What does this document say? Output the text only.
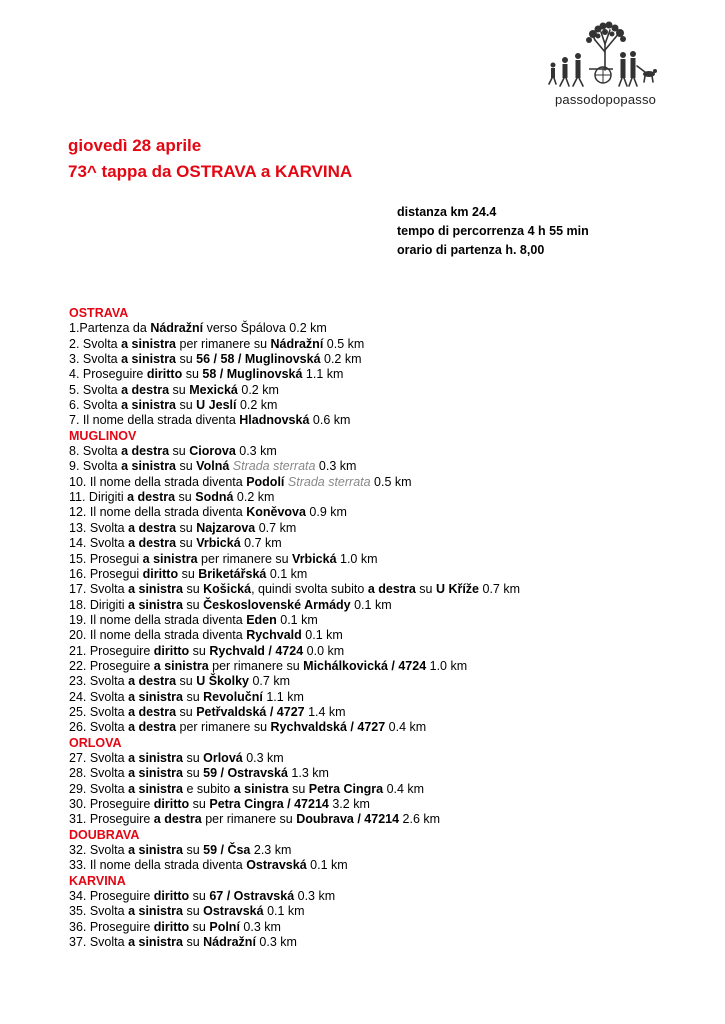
passodopopasso
giovedì 28 aprile
73^ tappa da OSTRAVA a KARVINA
distanza km 24.4
tempo di percorrenza 4 h 55 min
orario di partenza h. 8,00
OSTRAVA
1.Partenza da Nádražní verso Špálova 0.2 km
2. Svolta a sinistra per rimanere su Nádražní 0.5 km
3. Svolta a sinistra su 56 / 58 / Muglinovská 0.2 km
4. Proseguire diritto su 58 / Muglinovská 1.1 km
5. Svolta a destra su Mexická 0.2 km
6. Svolta a sinistra su U Jeslí 0.2 km
7. Il nome della strada diventa Hladnovská 0.6 km
MUGLINOV
8. Svolta a destra su Ciorova 0.3 km
9. Svolta a sinistra su Volná Strada sterrata 0.3 km
10. Il nome della strada diventa Podolí Strada sterrata 0.5 km
11. Dirigiti a destra su Sodná 0.2 km
12. Il nome della strada diventa Koněvova 0.9 km
13. Svolta a destra su Najzarova 0.7 km
14. Svolta a destra su Vrbická 0.7 km
15. Prosegui a sinistra per rimanere su Vrbická 1.0 km
16. Prosegui diritto su Briketářská 0.1 km
17. Svolta a sinistra su Košická, quindi svolta subito a destra su U Kříže 0.7 km
18. Dirigiti a sinistra su Československé Armády 0.1 km
19. Il nome della strada diventa Eden 0.1 km
20. Il nome della strada diventa Rychvald 0.1 km
21. Proseguire diritto su Rychvald / 4724 0.0 km
22. Proseguire a sinistra per rimanere su Michálkovická / 4724 1.0 km
23. Svolta a destra su U Školky 0.7 km
24. Svolta a sinistra su Revoluční 1.1 km
25. Svolta a destra su Petřvaldská / 4727 1.4 km
26. Svolta a destra per rimanere su Rychvaldská / 4727 0.4 km
ORLOVA
27. Svolta a sinistra su Orlová 0.3 km
28. Svolta a sinistra su 59 / Ostravská 1.3 km
29. Svolta a sinistra e subito a sinistra su Petra Cingra 0.4 km
30. Proseguire diritto su Petra Cingra / 47214 3.2 km
31. Proseguire a destra per rimanere su Doubrava / 47214 2.6 km
DOUBRAVA
32. Svolta a sinistra su 59 / Čsa 2.3 km
33. Il nome della strada diventa Ostravská 0.1 km
KARVINA
34. Proseguire diritto su 67 / Ostravská 0.3 km
35. Svolta a sinistra su Ostravská 0.1 km
36. Proseguire diritto su Polní 0.3 km
37. Svolta a sinistra su Nádražní 0.3 km
